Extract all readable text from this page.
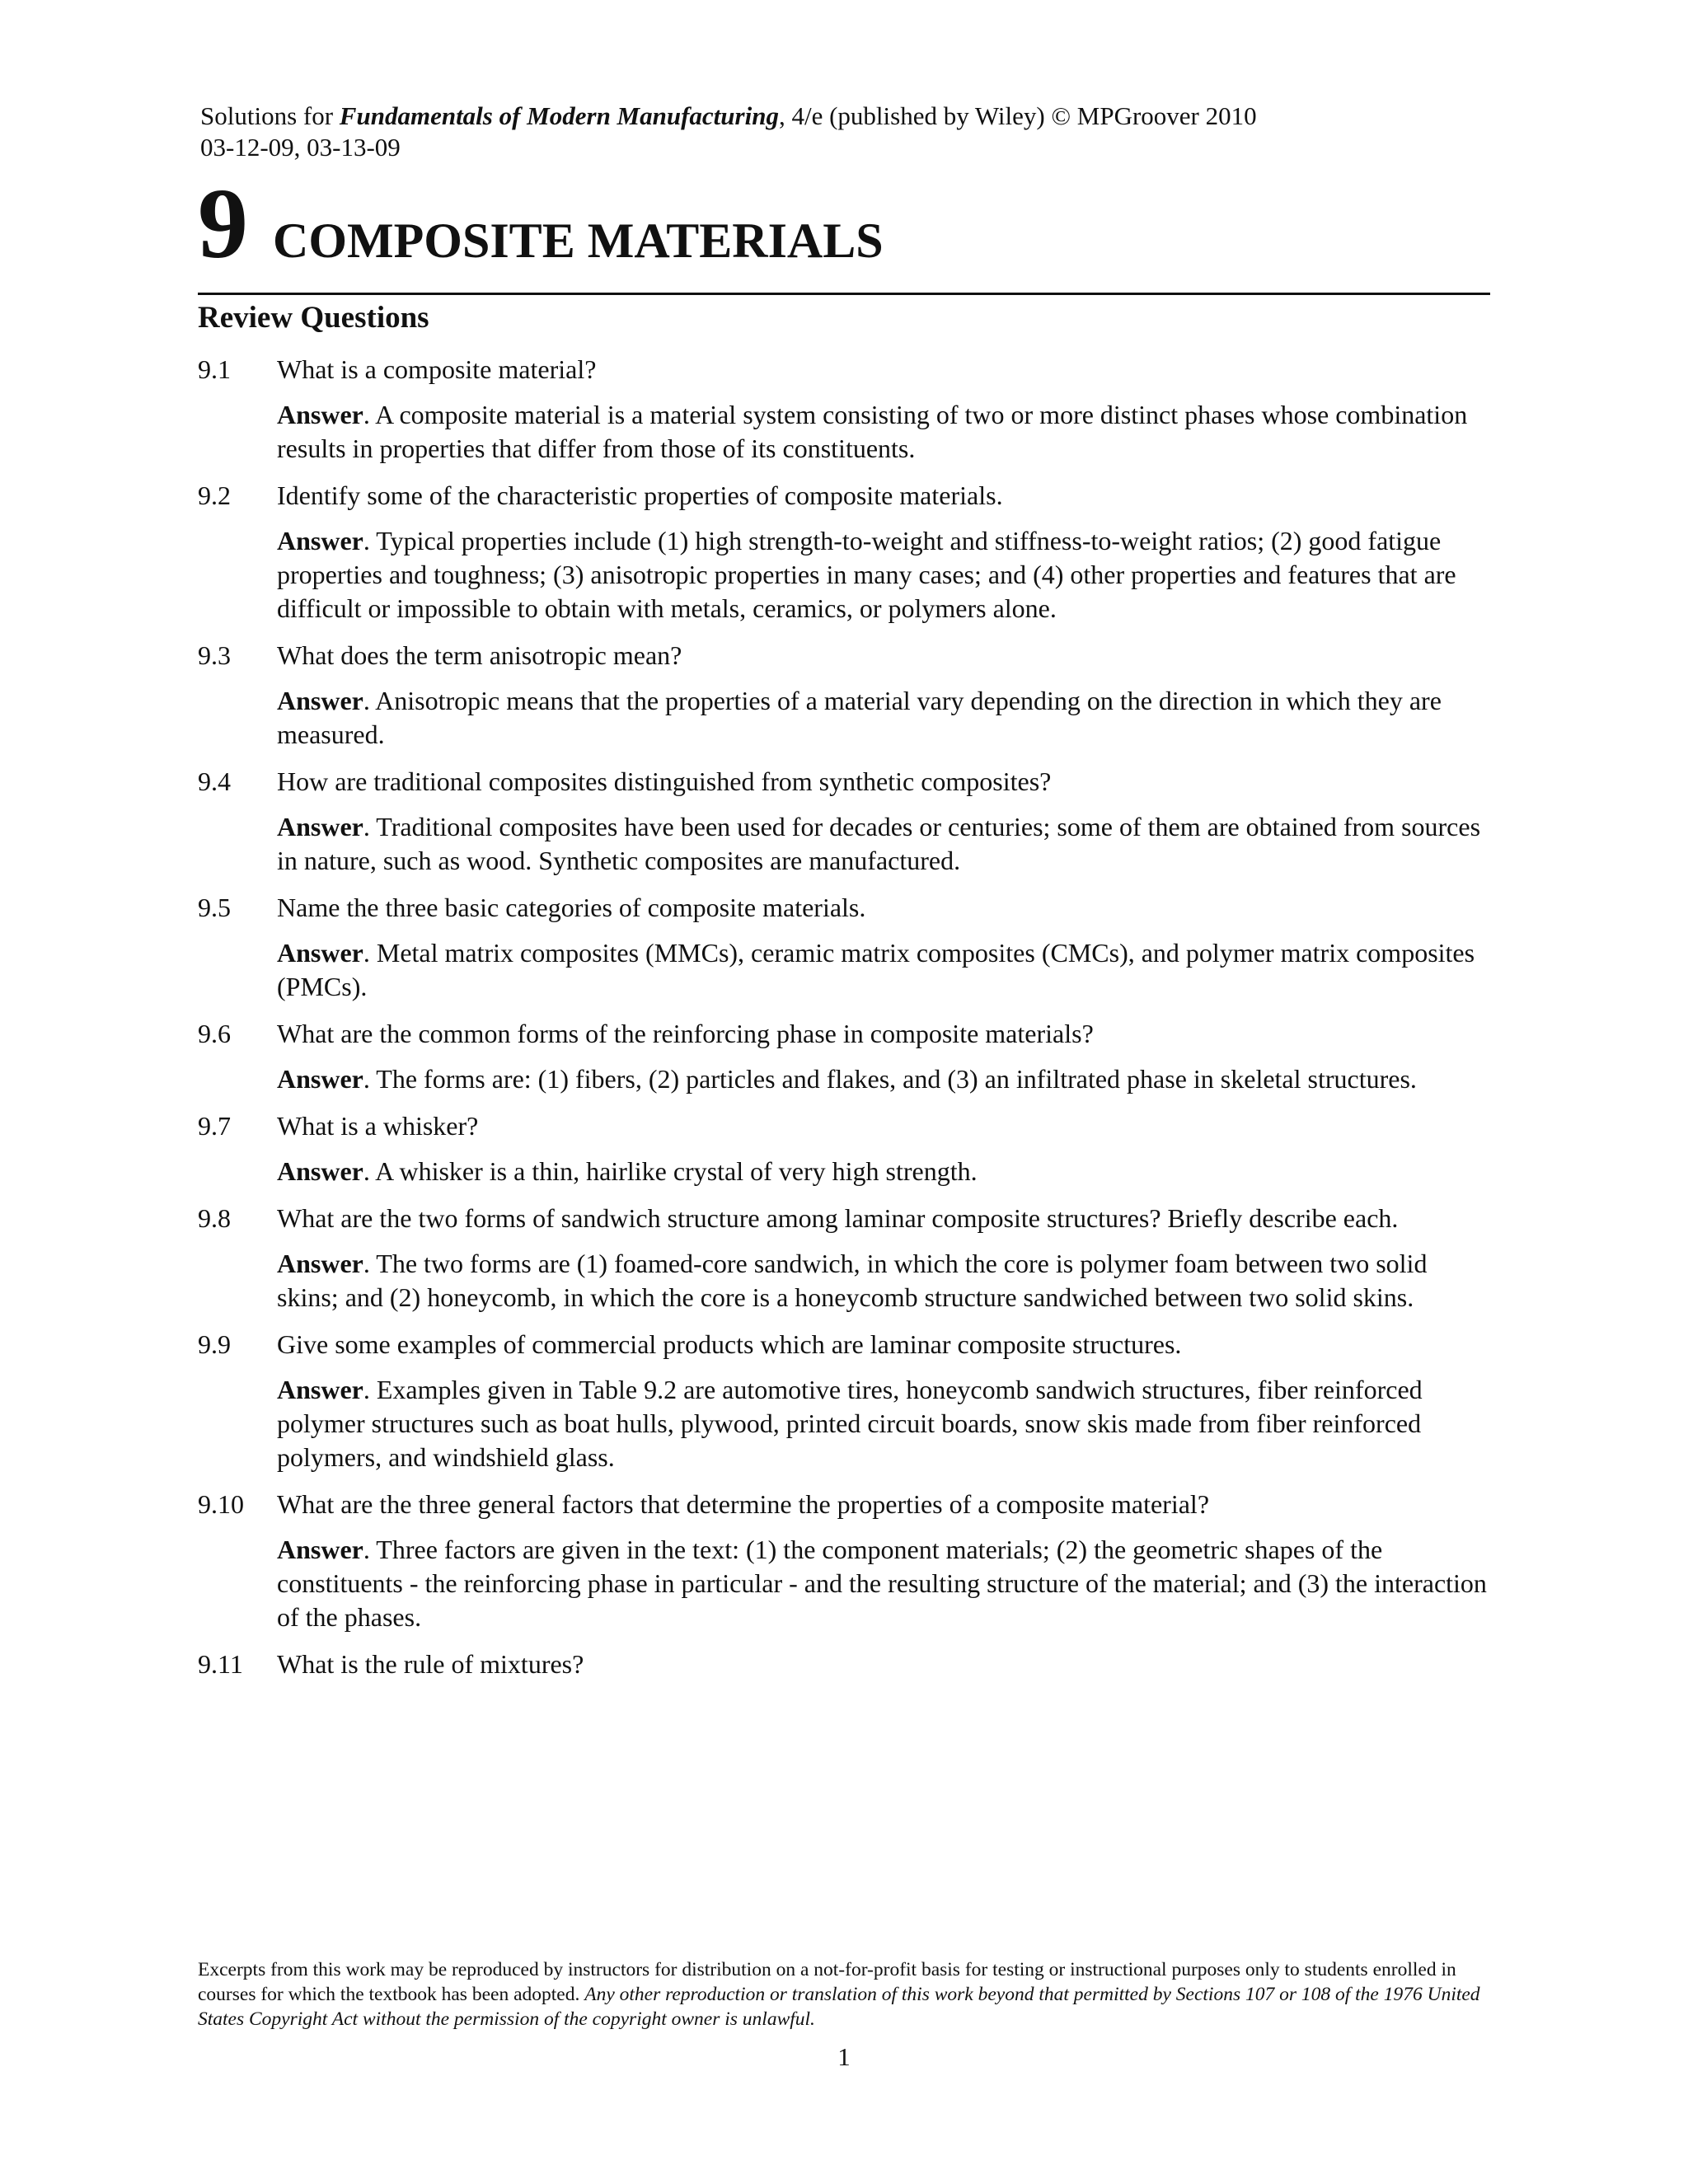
Solutions for Fundamentals of Modern Manufacturing, 4/e (published by Wiley) © MPGroover 2010
03-12-09, 03-13-09
9 COMPOSITE MATERIALS
Review Questions
9.1 What is a composite material?
Answer. A composite material is a material system consisting of two or more distinct phases whose combination results in properties that differ from those of its constituents.
9.2 Identify some of the characteristic properties of composite materials.
Answer. Typical properties include (1) high strength-to-weight and stiffness-to-weight ratios; (2) good fatigue properties and toughness; (3) anisotropic properties in many cases; and (4) other properties and features that are difficult or impossible to obtain with metals, ceramics, or polymers alone.
9.3 What does the term anisotropic mean?
Answer. Anisotropic means that the properties of a material vary depending on the direction in which they are measured.
9.4 How are traditional composites distinguished from synthetic composites?
Answer. Traditional composites have been used for decades or centuries; some of them are obtained from sources in nature, such as wood. Synthetic composites are manufactured.
9.5 Name the three basic categories of composite materials.
Answer. Metal matrix composites (MMCs), ceramic matrix composites (CMCs), and polymer matrix composites (PMCs).
9.6 What are the common forms of the reinforcing phase in composite materials?
Answer. The forms are: (1) fibers, (2) particles and flakes, and (3) an infiltrated phase in skeletal structures.
9.7 What is a whisker?
Answer. A whisker is a thin, hairlike crystal of very high strength.
9.8 What are the two forms of sandwich structure among laminar composite structures? Briefly describe each.
Answer. The two forms are (1) foamed-core sandwich, in which the core is polymer foam between two solid skins; and (2) honeycomb, in which the core is a honeycomb structure sandwiched between two solid skins.
9.9 Give some examples of commercial products which are laminar composite structures.
Answer. Examples given in Table 9.2 are automotive tires, honeycomb sandwich structures, fiber reinforced polymer structures such as boat hulls, plywood, printed circuit boards, snow skis made from fiber reinforced polymers, and windshield glass.
9.10 What are the three general factors that determine the properties of a composite material?
Answer. Three factors are given in the text: (1) the component materials; (2) the geometric shapes of the constituents - the reinforcing phase in particular - and the resulting structure of the material; and (3) the interaction of the phases.
9.11 What is the rule of mixtures?
Excerpts from this work may be reproduced by instructors for distribution on a not-for-profit basis for testing or instructional purposes only to students enrolled in courses for which the textbook has been adopted. Any other reproduction or translation of this work beyond that permitted by Sections 107 or 108 of the 1976 United States Copyright Act without the permission of the copyright owner is unlawful.
1
